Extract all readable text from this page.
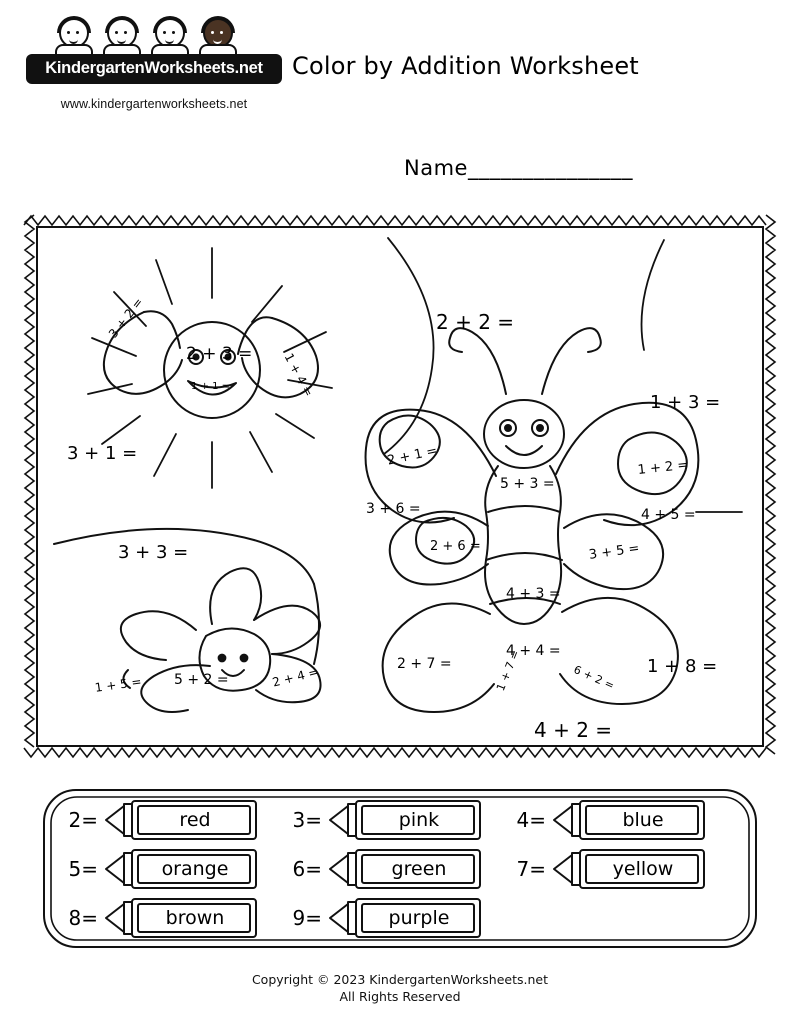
KindergartenWorksheets.net
www.kindergartenworksheets.net
Color by Addition Worksheet
Name_______________
3 + 2 =
2 + 3 = 1 + 4 =
1 + 1 =
2 + 2 =
1 + 3 =
3 + 1 =
3 + 3 =
1 + 8 =
4 + 2 =
2 + 1 =
5 + 3 =
1 + 2 =
3 + 6 =	4 + 5 =
2 + 6 =	3 + 5 =
4 + 3 =
4 + 4 =
2 + 7 =	6 + 2 =
1 + 7 =
1 + 5 = 5 + 2 =	2 + 4 =
2=	red	3=	pink	4=	blue
5=	orange	6=	green	7=	yellow
8=	brown	9=	purple
Copyright © 2023 KindergartenWorksheets.net
All Rights Reserved
